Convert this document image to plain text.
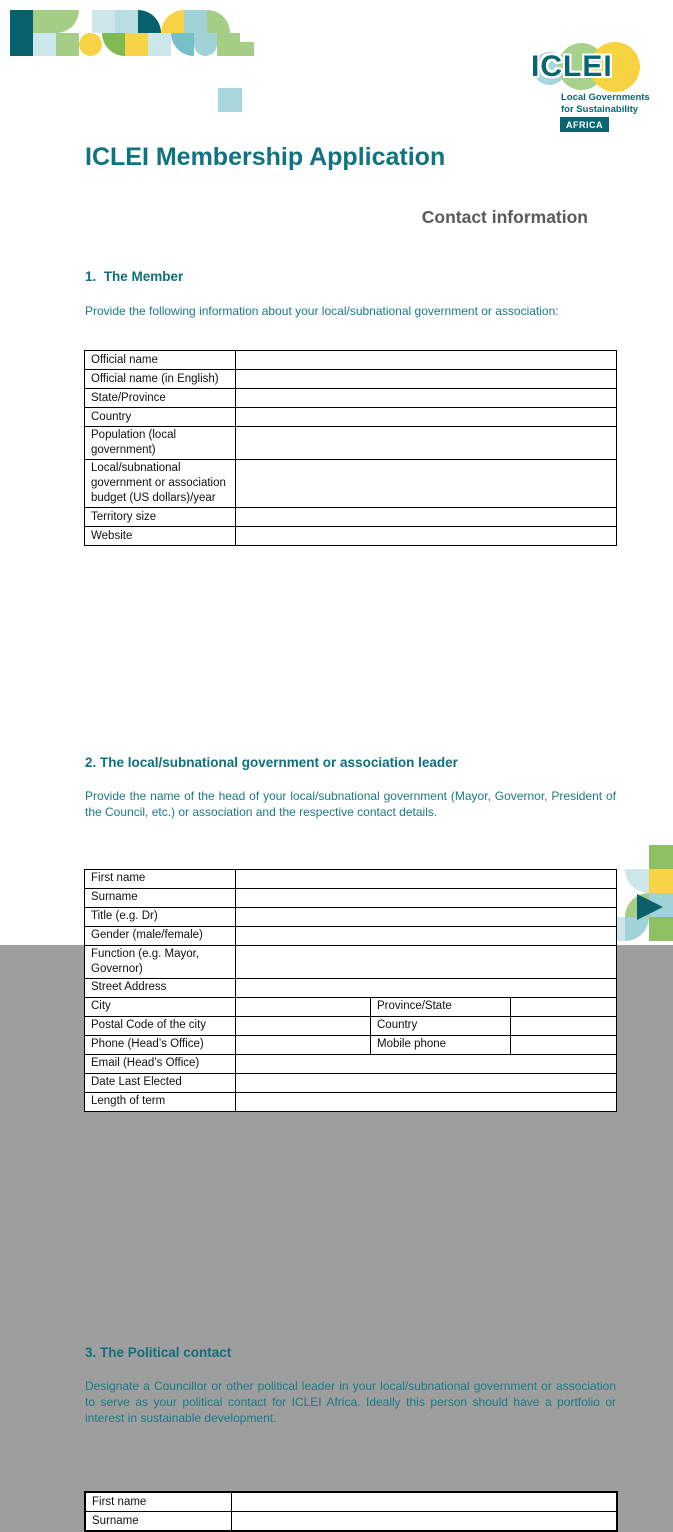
ICLEI
Local Governments
for Sustainability
AFRICA
ICLEI Membership Application
Contact information
1.  The Member
Provide the following information about your local/subnational government or association:
Official name	
Official name (in English)	
State/Province	
Country	
Population (local government)	
Local/subnational government or association budget (US dollars)/year	
Territory size	
Website	
2. The local/subnational government or association leader
Provide the name of the head of your local/subnational government (Mayor, Governor, President of the Council, etc.) or association and the respective contact details.
First name			
Surname			
Title (e.g. Dr)			
Gender (male/female)			
Function (e.g. Mayor, Governor)			
Street Address			
City		Province/State	
Postal Code of the city		Country	
Phone (Head’s Office)		Mobile phone	
Email (Head’s Office)			
Date Last Elected			
Length of term			
3. The Political contact
Designate a Councillor or other political leader in your local/subnational government or association to serve as your political contact for ICLEI Africa. Ideally this person should have a portfolio or interest in sustainable development.
First name	
Surname	
